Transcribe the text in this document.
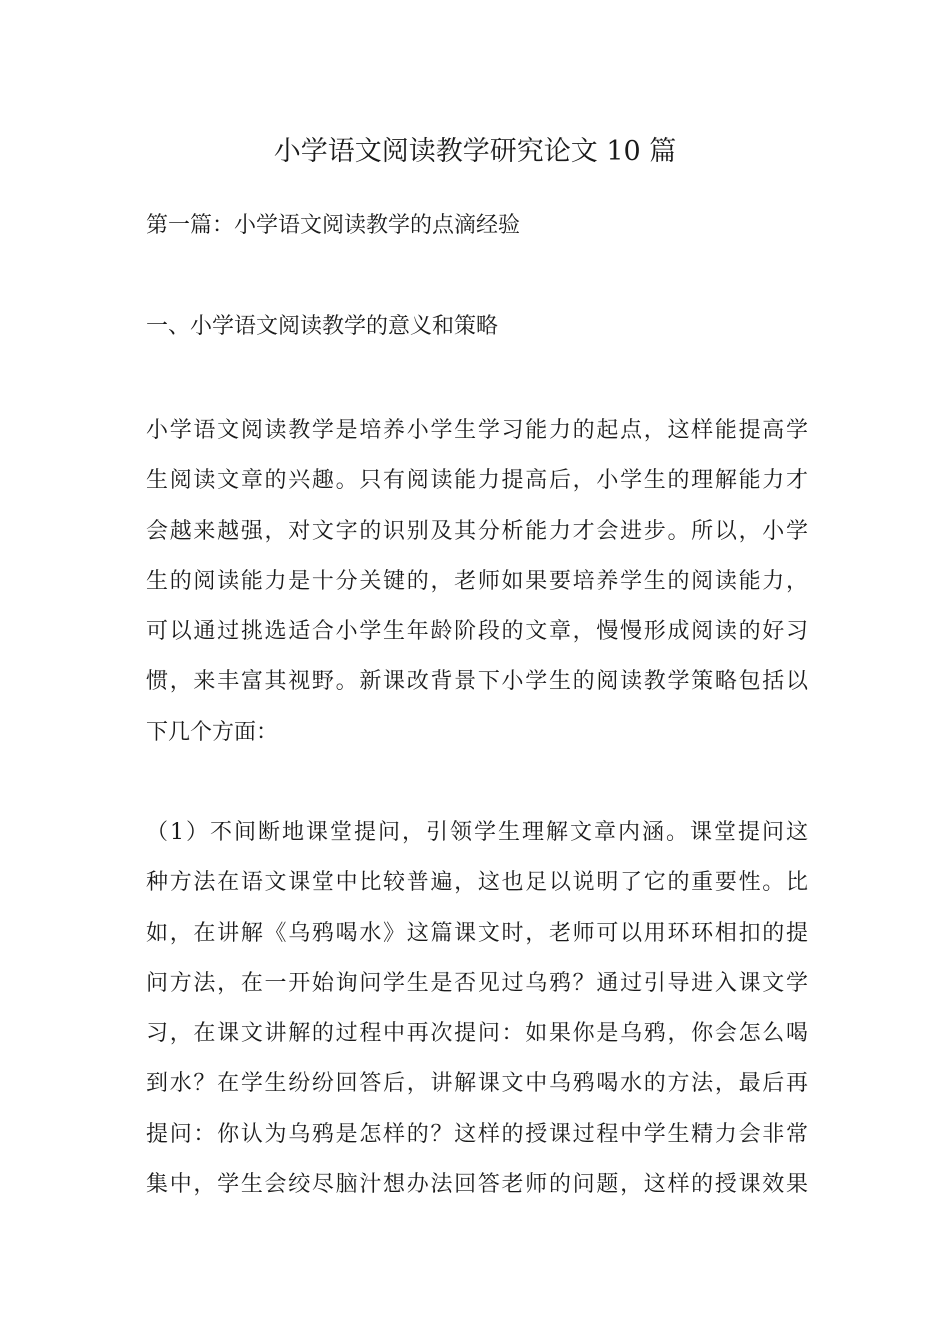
小学语文阅读教学研究论文 10 篇
第一篇：小学语文阅读教学的点滴经验
一、小学语文阅读教学的意义和策略
小学语文阅读教学是培养小学生学习能力的起点，这样能提高学
生阅读文章的兴趣。只有阅读能力提高后，小学生的理解能力才
会越来越强，对文字的识别及其分析能力才会进步。所以，小学
生的阅读能力是十分关键的，老师如果要培养学生的阅读能力，
可以通过挑选适合小学生年龄阶段的文章，慢慢形成阅读的好习
惯，来丰富其视野。新课改背景下小学生的阅读教学策略包括以
下几个方面：
（1）不间断地课堂提问，引领学生理解文章内涵。课堂提问这
种方法在语文课堂中比较普遍，这也足以说明了它的重要性。比
如，在讲解《乌鸦喝水》这篇课文时，老师可以用环环相扣的提
问方法，在一开始询问学生是否见过乌鸦？通过引导进入课文学
习，在课文讲解的过程中再次提问：如果你是乌鸦，你会怎么喝
到水？在学生纷纷回答后，讲解课文中乌鸦喝水的方法，最后再
提问：你认为乌鸦是怎样的？这样的授课过程中学生精力会非常
集中，学生会绞尽脑汁想办法回答老师的问题，这样的授课效果
